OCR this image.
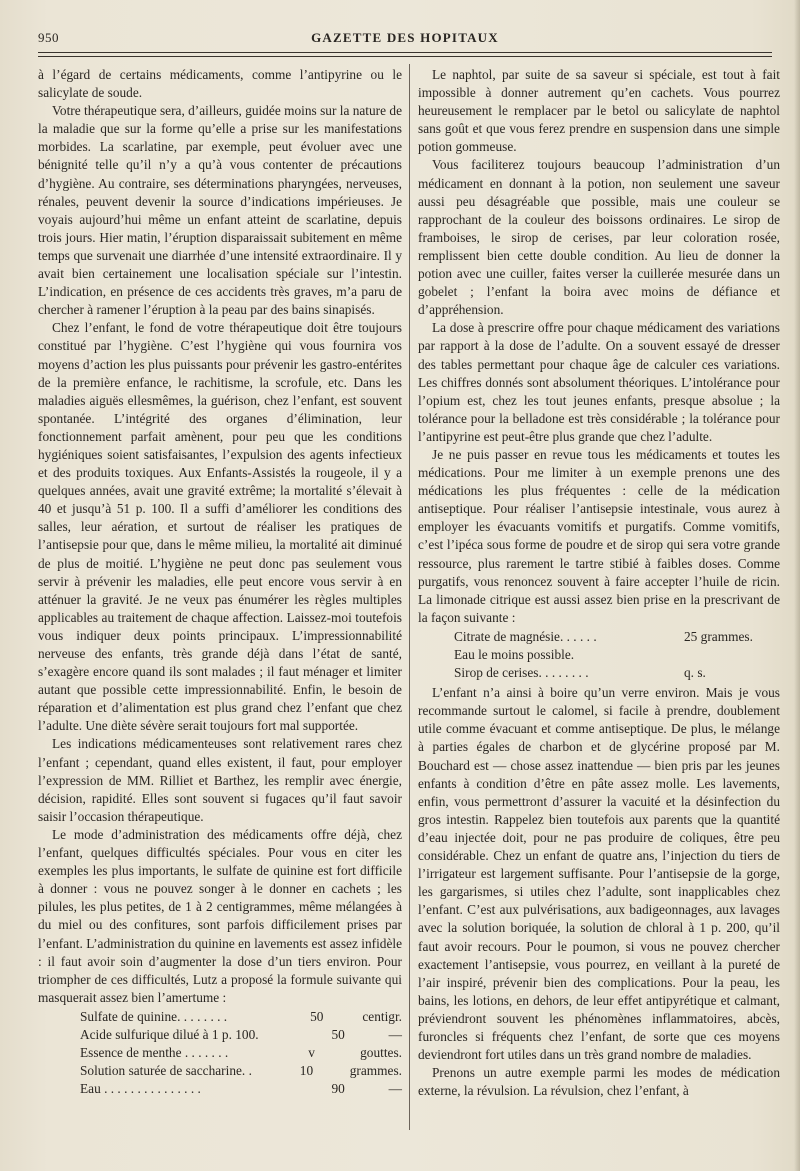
950	GAZETTE DES HOPITAUX

à l’égard de certains médicaments, comme l’antipyrine ou le salicylate de soude.

Votre thérapeutique sera, d’ailleurs, guidée moins sur la nature de la maladie que sur la forme qu’elle a prise sur les manifestations morbides. La scarlatine, par exemple, peut évoluer avec une bénignité telle qu’il n’y a qu’à vous contenter de précautions d’hygiène. Au contraire, ses déterminations pharyngées, nerveuses, rénales, peuvent devenir la source d’indications impérieuses. Je voyais aujourd’hui même un enfant atteint de scarlatine, depuis trois jours. Hier matin, l’éruption disparaissait subitement en même temps que survenait une diarrhée d’une intensité extraordinaire. Il y avait bien certainement une localisation spéciale sur l’intestin. L’indication, en présence de ces accidents très graves, m’a paru de chercher à ramener l’éruption à la peau par des bains sinapisés.

Chez l’enfant, le fond de votre thérapeutique doit être toujours constitué par l’hygiène. C’est l’hygiène qui vous fournira vos moyens d’action les plus puissants pour prévenir les gastro-entérites de la première enfance, le rachitisme, la scrofule, etc. Dans les maladies aiguës ellesmêmes, la guérison, chez l’enfant, est souvent spontanée. L’intégrité des organes d’élimination, leur fonctionnement parfait amènent, pour peu que les conditions hygiéniques soient satisfaisantes, l’expulsion des agents infectieux et des produits toxiques. Aux Enfants-Assistés la rougeole, il y a quelques années, avait une gravité extrême; la mortalité s’élevait à 40 et jusqu’à 51 p. 100. Il a suffi d’améliorer les conditions des salles, leur aération, et surtout de réaliser les pratiques de l’antisepsie pour que, dans le même milieu, la mortalité ait diminué de plus de moitié. L’hygiène ne peut donc pas seulement vous servir à prévenir les maladies, elle peut encore vous servir à en atténuer la gravité. Je ne veux pas énumérer les règles multiples applicables au traitement de chaque affection. Laissez-moi toutefois vous indiquer deux points principaux. L’impressionnabilité nerveuse des enfants, très grande déjà dans l’état de santé, s’exagère encore quand ils sont malades ; il faut ménager et limiter autant que possible cette impressionnabilité. Enfin, le besoin de réparation et d’alimentation est plus grand chez l’enfant que chez l’adulte. Une diète sévère serait toujours fort mal supportée.

Les indications médicamenteuses sont relativement rares chez l’enfant ; cependant, quand elles existent, il faut, pour employer l’expression de MM. Rilliet et Barthez, les remplir avec énergie, décision, rapidité. Elles sont souvent si fugaces qu’il faut savoir saisir l’occasion thérapeutique.

Le mode d’administration des médicaments offre déjà, chez l’enfant, quelques difficultés spéciales. Pour vous en citer les exemples les plus importants, le sulfate de quinine est fort difficile à donner : vous ne pouvez songer à le donner en cachets ; les pilules, les plus petites, de 1 à 2 centigrammes, même mélangées à du miel ou des confitures, sont parfois difficilement prises par l’enfant. L’administration du quinine en lavements est assez infidèle : il faut avoir soin d’augmenter la dose d’un tiers environ. Pour triompher de ces difficultés, Lutz a proposé la formule suivante qui masquerait assez bien l’amertume :

Sulfate de quinine. . . . . . . .	50	centigr.
Acide sulfurique dilué à 1 p. 100.	50	—
Essence de menthe . . . . . . .	v	gouttes.
Solution saturée de saccharine. .	10	grammes.
Eau . . . . . . . . . . . . . . .	90	—

Le naphtol, par suite de sa saveur si spéciale, est tout à fait impossible à donner autrement qu’en cachets. Vous pourrez heureusement le remplacer par le betol ou salicylate de naphtol sans goût et que vous ferez prendre en suspension dans une simple potion gommeuse.

Vous faciliterez toujours beaucoup l’administration d’un médicament en donnant à la potion, non seulement une saveur aussi peu désagréable que possible, mais une couleur se rapprochant de la couleur des boissons ordinaires. Le sirop de framboises, le sirop de cerises, par leur coloration rosée, remplissent bien cette double condition. Au lieu de donner la potion avec une cuiller, faites verser la cuillerée mesurée dans un gobelet ; l’enfant la boira avec moins de défiance et d’appréhension.

La dose à prescrire offre pour chaque médicament des variations par rapport à la dose de l’adulte. On a souvent essayé de dresser des tables permettant pour chaque âge de calculer ces variations. Les chiffres donnés sont absolument théoriques. L’intolérance pour l’opium est, chez les tout jeunes enfants, presque absolue ; la tolérance pour la belladone est très considérable ; la tolérance pour l’antipyrine est peut-être plus grande que chez l’adulte.

Je ne puis passer en revue tous les médicaments et toutes les médications. Pour me limiter à un exemple prenons une des médications les plus fréquentes : celle de la médication antiseptique. Pour réaliser l’antisepsie intestinale, vous aurez à employer les évacuants vomitifs et purgatifs. Comme vomitifs, c’est l’ipéca sous forme de poudre et de sirop qui sera votre grande ressource, plus rarement le tartre stibié à faibles doses. Comme purgatifs, vous renoncez souvent à faire accepter l’huile de ricin. La limonade citrique est aussi assez bien prise en la prescrivant de la façon suivante :

Citrate de magnésie. . . . . .	25 grammes.
Eau le moins possible.
Sirop de cerises. . . . . . . .	q. s.

L’enfant n’a ainsi à boire qu’un verre environ. Mais je vous recommande surtout le calomel, si facile à prendre, doublement utile comme évacuant et comme antiseptique. De plus, le mélange à parties égales de charbon et de glycérine proposé par M. Bouchard est — chose assez inattendue — bien pris par les jeunes enfants à condition d’être en pâte assez molle. Les lavements, enfin, vous permettront d’assurer la vacuité et la désinfection du gros intestin. Rappelez bien toutefois aux parents que la quantité d’eau injectée doit, pour ne pas produire de coliques, être peu considérable. Chez un enfant de quatre ans, l’injection du tiers de l’irrigateur est largement suffisante. Pour l’antisepsie de la gorge, les gargarismes, si utiles chez l’adulte, sont inapplicables chez l’enfant. C’est aux pulvérisations, aux badigeonnages, aux lavages avec la solution boriquée, la solution de chloral à 1 p. 200, qu’il faut avoir recours. Pour le poumon, si vous ne pouvez chercher exactement l’antisepsie, vous pourrez, en veillant à la pureté de l’air inspiré, prévenir bien des complications. Pour la peau, les bains, les lotions, en dehors, de leur effet antipyrétique et calmant, préviendront souvent les phénomènes inflammatoires, abcès, furoncles si fréquents chez l’enfant, de sorte que ces moyens deviendront fort utiles dans un très grand nombre de maladies.

Prenons un autre exemple parmi les modes de médication externe, la révulsion. La révulsion, chez l’enfant, à
